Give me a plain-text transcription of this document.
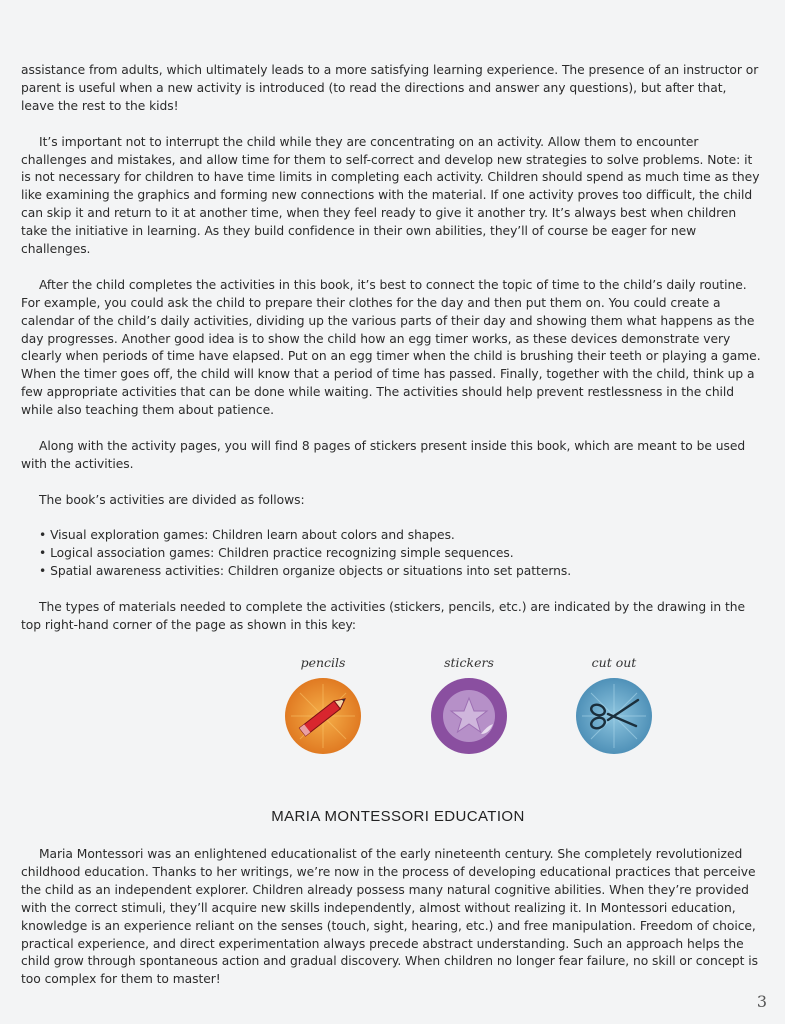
assistance from adults, which ultimately leads to a more satisfying learning experience. The presence of an instructor or parent is useful when a new activity is introduced (to read the directions and answer any questions), but after that, leave the rest to the kids!

It’s important not to interrupt the child while they are concentrating on an activity. Allow them to encounter challenges and mistakes, and allow time for them to self-correct and develop new strategies to solve problems. Note: it is not necessary for children to have time limits in completing each activity. Children should spend as much time as they like examining the graphics and forming new connections with the material. If one activity proves too difficult, the child can skip it and return to it at another time, when they feel ready to give it another try. It’s always best when children take the initiative in learning. As they build confidence in their own abilities, they’ll of course be eager for new challenges.

After the child completes the activities in this book, it’s best to connect the topic of time to the child’s daily routine. For example, you could ask the child to prepare their clothes for the day and then put them on. You could create a calendar of the child’s daily activities, dividing up the various parts of their day and showing them what happens as the day progresses. Another good idea is to show the child how an egg timer works, as these devices demonstrate very clearly when periods of time have elapsed. Put on an egg timer when the child is brushing their teeth or playing a game. When the timer goes off, the child will know that a period of time has passed. Finally, together with the child, think up a few appropriate activities that can be done while waiting. The activities should help prevent restlessness in the child while also teaching them about patience.

Along with the activity pages, you will find 8 pages of stickers present inside this book, which are meant to be used with the activities.

The book’s activities are divided as follows:

• Visual exploration games: Children learn about colors and shapes.
• Logical association games: Children practice recognizing simple sequences.
• Spatial awareness activities: Children organize objects or situations into set patterns.

The types of materials needed to complete the activities (stickers, pencils, etc.) are indicated by the drawing in the top right-hand corner of the page as shown in this key:

pencils	stickers	cut out
MARIA MONTESSORI EDUCATION

Maria Montessori was an enlightened educationalist of the early nineteenth century. She completely revolutionized childhood education. Thanks to her writings, we’re now in the process of developing educational practices that perceive the child as an independent explorer. Children already possess many natural cognitive abilities. When they’re provided with the correct stimuli, they’ll acquire new skills independently, almost without realizing it. In Montessori education, knowledge is an experience reliant on the senses (touch, sight, hearing, etc.) and free manipulation. Freedom of choice, practical experience, and direct experimentation always precede abstract understanding. Such an approach helps the child grow through spontaneous action and gradual discovery. When children no longer fear failure, no skill or concept is too complex for them to master!

3
